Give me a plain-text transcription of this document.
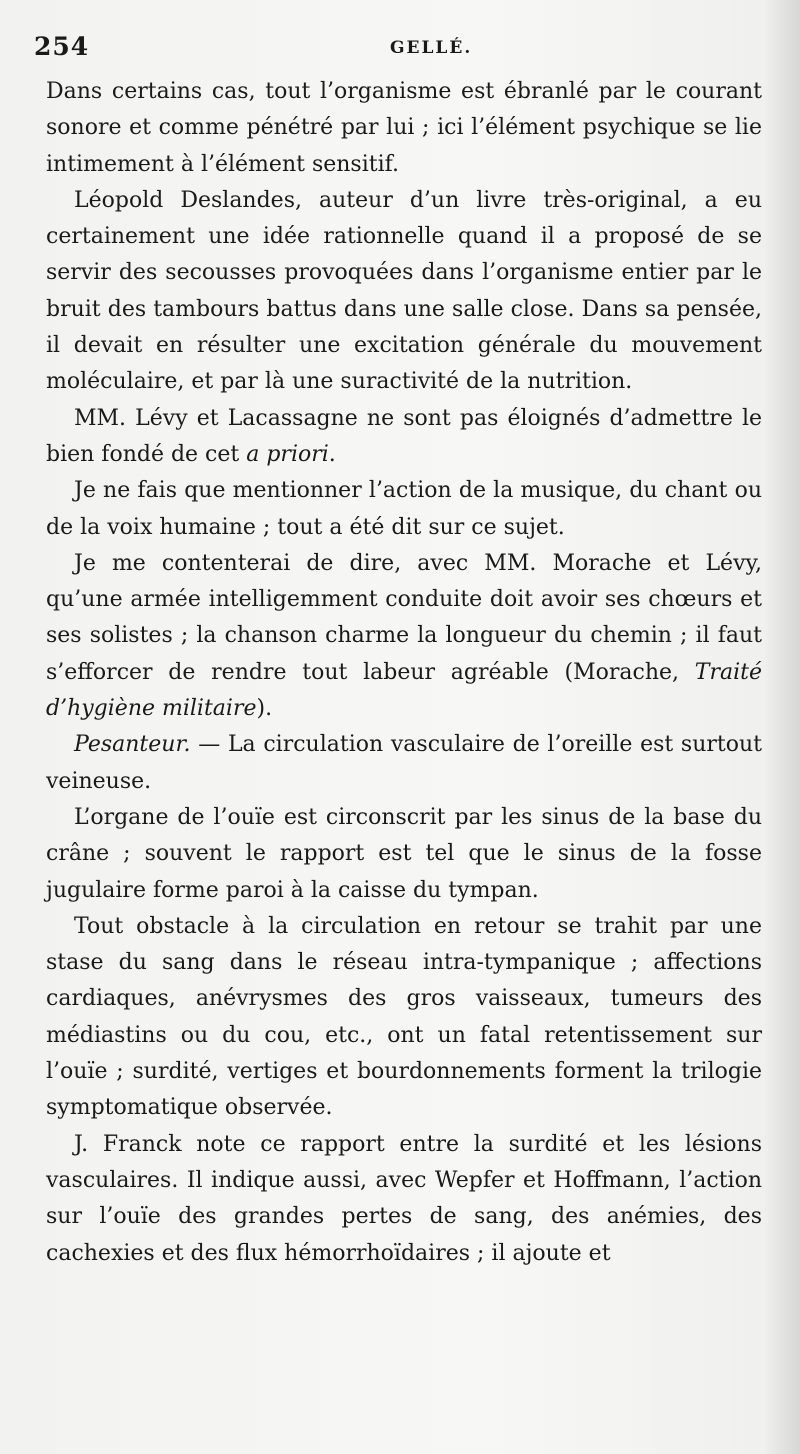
254	GELLÉ.

Dans certains cas, tout l’organisme est ébranlé par le courant sonore et comme pénétré par lui ; ici l’élément psychique se lie intimement à l’élément sensitif.

Léopold Deslandes, auteur d’un livre très-original, a eu certainement une idée rationnelle quand il a proposé de se servir des secousses provoquées dans l’organisme entier par le bruit des tambours battus dans une salle close. Dans sa pensée, il devait en résulter une excitation générale du mouvement moléculaire, et par là une suractivité de la nutrition.

MM. Lévy et Lacassagne ne sont pas éloignés d’admettre le bien fondé de cet a priori.

Je ne fais que mentionner l’action de la musique, du chant ou de la voix humaine ; tout a été dit sur ce sujet.

Je me contenterai de dire, avec MM. Morache et Lévy, qu’une armée intelligemment conduite doit avoir ses chœurs et ses solistes ; la chanson charme la longueur du chemin ; il faut s’efforcer de rendre tout labeur agréable (Morache, Traité d’hygiène militaire).

Pesanteur. — La circulation vasculaire de l’oreille est surtout veineuse.

L’organe de l’ouïe est circonscrit par les sinus de la base du crâne ; souvent le rapport est tel que le sinus de la fosse jugulaire forme paroi à la caisse du tympan.

Tout obstacle à la circulation en retour se trahit par une stase du sang dans le réseau intra-tympanique ; affections cardiaques, anévrysmes des gros vaisseaux, tumeurs des médiastins ou du cou, etc., ont un fatal retentissement sur l’ouïe ; surdité, vertiges et bourdonnements forment la trilogie symptomatique observée.

J. Franck note ce rapport entre la surdité et les lésions vasculaires. Il indique aussi, avec Wepfer et Hoffmann, l’action sur l’ouïe des grandes pertes de sang, des anémies, des cachexies et des flux hémorrhoïdaires ; il ajoute et
